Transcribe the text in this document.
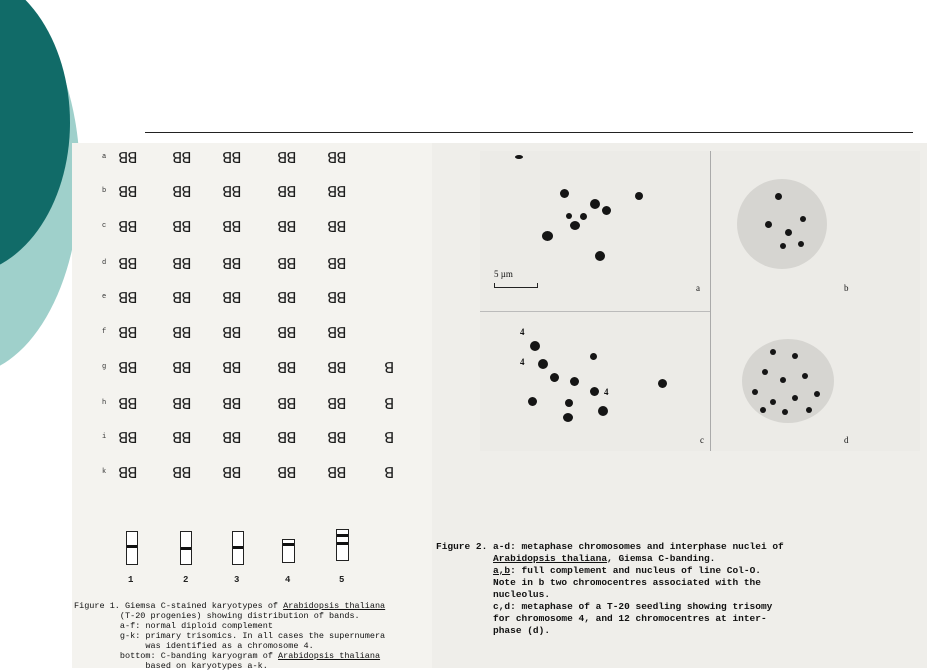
a ꓭꓭ ꓭꓭ ꓭꓭ ꓭꓭ ꓭꓭ
b ꓭꓭ ꓭꓭ ꓭꓭ ꓭꓭ ꓭꓭ
c ꓭꓭ ꓭꓭ ꓭꓭ ꓭꓭ ꓭꓭ
d ꓭꓭ ꓭꓭ ꓭꓭ ꓭꓭ ꓭꓭ
e ꓭꓭ ꓭꓭ ꓭꓭ ꓭꓭ ꓭꓭ
f ꓭꓭ ꓭꓭ ꓭꓭ ꓭꓭ ꓭꓭ
g ꓭꓭ ꓭꓭ ꓭꓭ ꓭꓭ ꓭꓭ	ꓭ
h ꓭꓭ ꓭꓭ ꓭꓭ ꓭꓭ ꓭꓭ	ꓭ
i ꓭꓭ ꓭꓭ ꓭꓭ ꓭꓭ ꓭꓭ	ꓭ
k ꓭꓭ ꓭꓭ ꓭꓭ ꓭꓭ ꓭꓭ	ꓭ
1	2	3	4	5
Figure 1. Giemsa C-stained karyotypes of Arabidopsis thaliana
(T-20 progenies) showing distribution of bands.
a-f: normal diploid complement
g-k: primary trisomics. In all cases the supernumera
was identified as a chromosome 4.
bottom: C-banding karyogram of Arabidopsis thaliana
based on karyotypes a-k.
5 µm
a	b
4
4
4
c	d
Figure 2. a-d: metaphase chromosomes and interphase nuclei of
Arabidopsis thaliana, Giemsa C-banding.
a,b: full complement and nucleus of line Col-O.
Note in b two chromocentres associated with the
nucleolus.
c,d: metaphase of a T-20 seedling showing trisomy
for chromosome 4, and 12 chromocentres at inter-
phase (d).
